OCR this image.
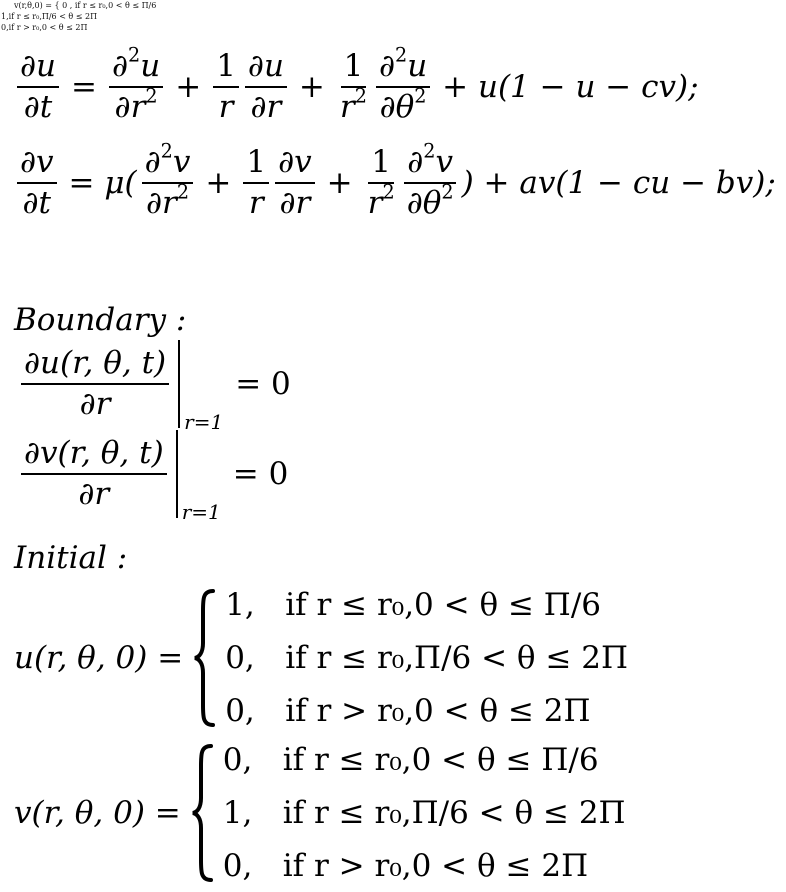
v(r,θ,0) = { 0 , if r ≤ r₀,0 < θ ≤ Π/6
1,if r ≤ r₀,Π/6 < θ ≤ 2Π
0,if r > r₀,0 < θ ≤ 2Π
$\frac{\partial u}{\partial t} = \frac{\partial^2u}{\partial r^2} + \frac{1}{r} \frac{\partial u}{\partial r} + \frac{1}{r^2} \frac{\partial^2u}{\partial\theta^2} + u(1 - u - cv)$;
$\frac{\partial v}{\partial t} = \mu( \frac{\partial^2v}{\partial r^2} + \frac{1}{r} \frac{\partial v}{\partial r} + \frac{1}{r^2} \frac{\partial^2v}{\partial\theta^2}$ ) + av(1 − cu − bv);
Boundary :
$\frac{\partial u(r, \theta, t)}{\partial r}$
r=1
= 0
$\frac{\partial v(r, \theta, t)}{\partial r}$
r=1
= 0
Initial :
u(r, θ, 0) =
1, if r ≤ r₀,0 < θ ≤ Π/6
0, if r ≤ r₀,Π/6 < θ ≤ 2Π
0, if r > r₀,0 < θ ≤ 2Π
v(r, θ, 0) =
0, if r ≤ r₀,0 < θ ≤ Π/6
1, if r ≤ r₀,Π/6 < θ ≤ 2Π
0, if r > r₀,0 < θ ≤ 2Π
